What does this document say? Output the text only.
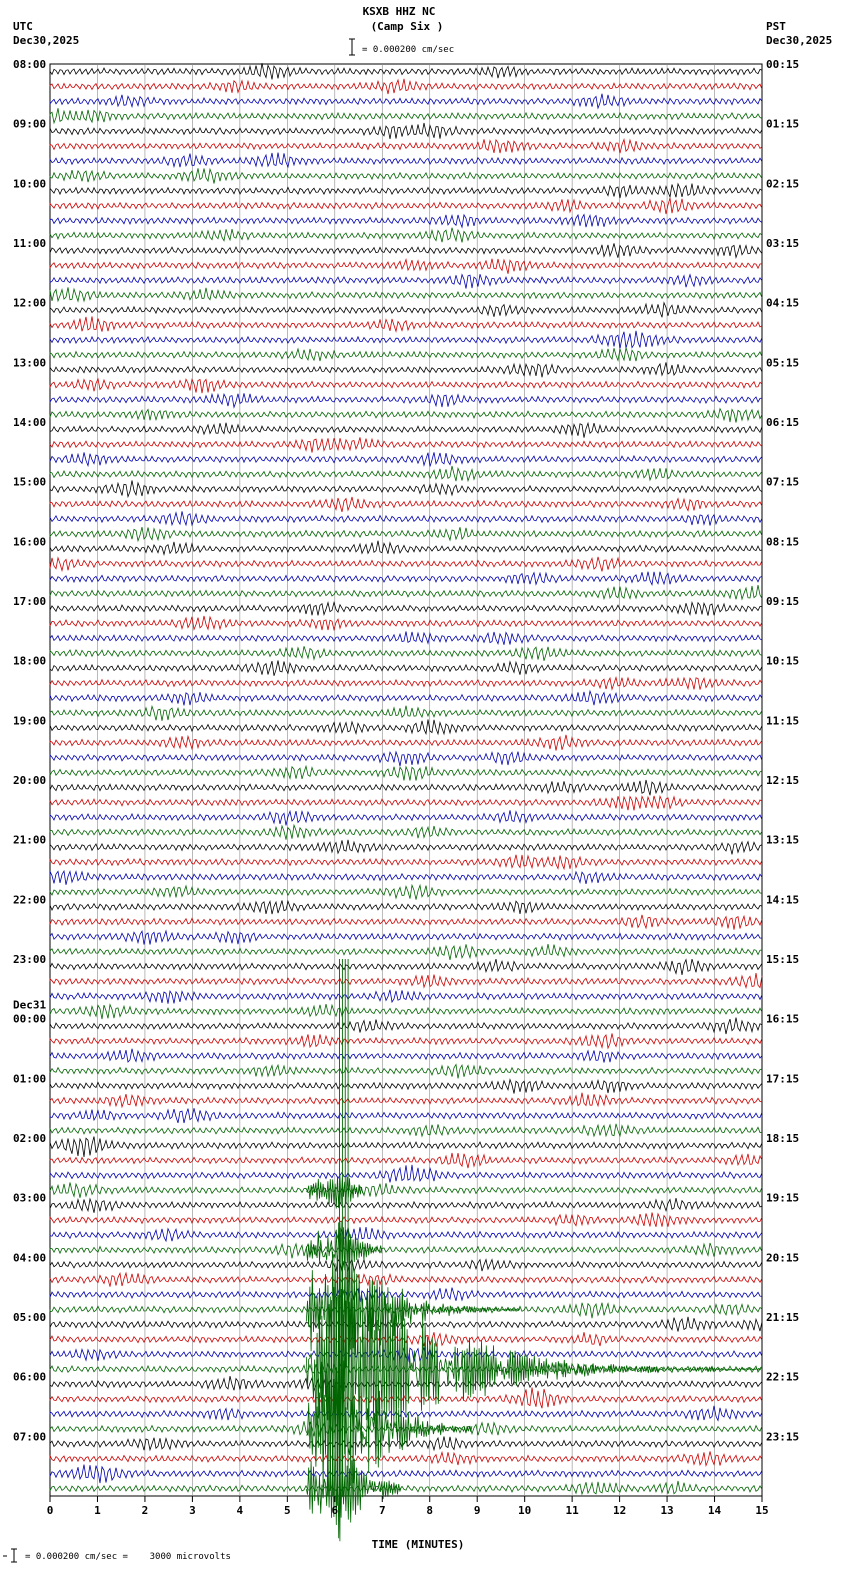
KSXB HHZ NC
(Camp Six )
= 0.000200 cm/sec
UTC
Dec30,2025
PST
Dec30,2025
08:00
09:00
10:00
11:00
12:00
13:00
14:00
15:00
16:00
17:00
18:00
19:00
20:00
21:00
22:00
23:00
Dec31
00:00
01:00
02:00
03:00
04:00
05:00
06:00
07:00
00:15
01:15
02:15
03:15
04:15
05:15
06:15
07:15
08:15
09:15
10:15
11:15
12:15
13:15
14:15
15:15
16:15
17:15
18:15
19:15
20:15
21:15
22:15
23:15
0	1	2	3	4	5	6	7	8	9	10	11	12	13	14	15
TIME (MINUTES)
= 0.000200 cm/sec =    3000 microvolts
